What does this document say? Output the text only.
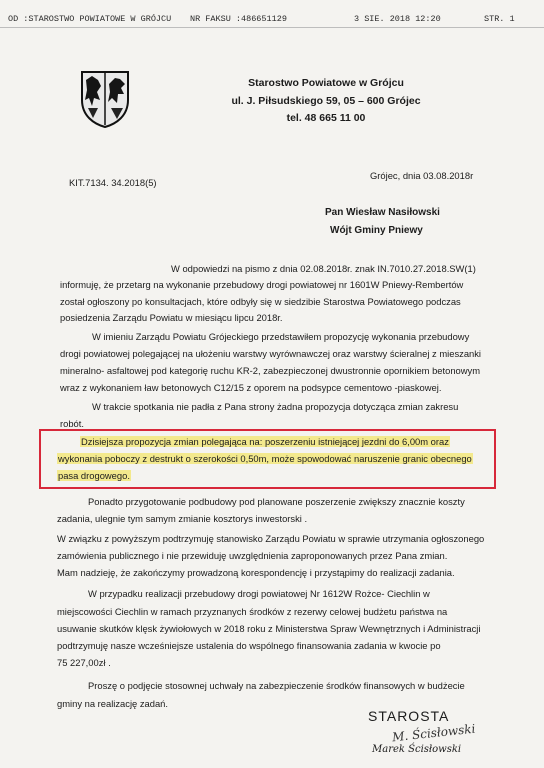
OD :STAROSTWO POWIATOWE W GRÓJCU NR FAKSU :486651129	3 SIE. 2018 12:20	STR. 1
Starostwo Powiatowe w Grójcu
ul. J. Piłsudskiego 59, 05 – 600 Grójec
tel. 48 665 11 00
KIT.7134. 34.2018(5)
Grójec, dnia 03.08.2018r
Pan Wiesław Nasiłowski
Wójt Gminy Pniewy
W odpowiedzi na pismo z dnia 02.08.2018r. znak IN.7010.27.2018.SW(1)
informuję, że przetarg na wykonanie przebudowy drogi powiatowej nr 1601W Pniewy-Rembertów
został ogłoszony po konsultacjach, które odbyły się w siedzibie Starostwa Powiatowego podczas
posiedzenia Zarządu Powiatu w miesiącu lipcu 2018r.
W imieniu Zarządu Powiatu Grójeckiego przedstawiłem propozycję wykonania przebudowy
drogi powiatowej polegającej na ułożeniu warstwy wyrównawczej oraz warstwy ścieralnej z mieszanki
mineralno- asfaltowej pod kategorię ruchu KR-2, zabezpieczonej dwustronnie opornikiem betonowym
wraz z wykonaniem ław betonowych C12/15 z oporem na podsypce cementowo -piaskowej.
W trakcie spotkania nie padła z Pana strony żadna propozycja dotycząca zmian zakresu
robót.
Dzisiejsza propozycja zmian polegająca na: poszerzeniu istniejącej jezdni do 6,00m oraz
wykonania poboczy z destrukt o szerokości 0,50m, może spowodować naruszenie granic obecnego
pasa drogowego.
Ponadto przygotowanie podbudowy pod planowane poszerzenie zwiększy znacznie koszty
zadania, ulegnie tym samym zmianie kosztorys inwestorski .
W związku z powyższym podtrzymuję stanowisko Zarządu Powiatu w sprawie utrzymania ogłoszonego
zamówienia publicznego i nie przewiduję uwzględnienia zaproponowanych przez Pana zmian.
Mam nadzieję, że zakończymy prowadzoną korespondencję i przystąpimy do realizacji zadania.
W przypadku realizacji przebudowy drogi powiatowej Nr 1612W Rożce- Ciechlin w
miejscowości Ciechlin w ramach przyznanych środków z rezerwy celowej budżetu państwa na
usuwanie skutków klęsk żywiołowych w 2018 roku z Ministerstwa Spraw Wewnętrznych i Administracji
podtrzymuję nasze wcześniejsze ustalenia do wspólnego finansowania zadania w kwocie po
75 227,00zł .
Proszę o podjęcie stosownej uchwały na zabezpieczenie środków finansowych w budżecie
gminy na realizację zadań.
STAROSTA
M. Ścisłowski
Marek Ścisłowski
